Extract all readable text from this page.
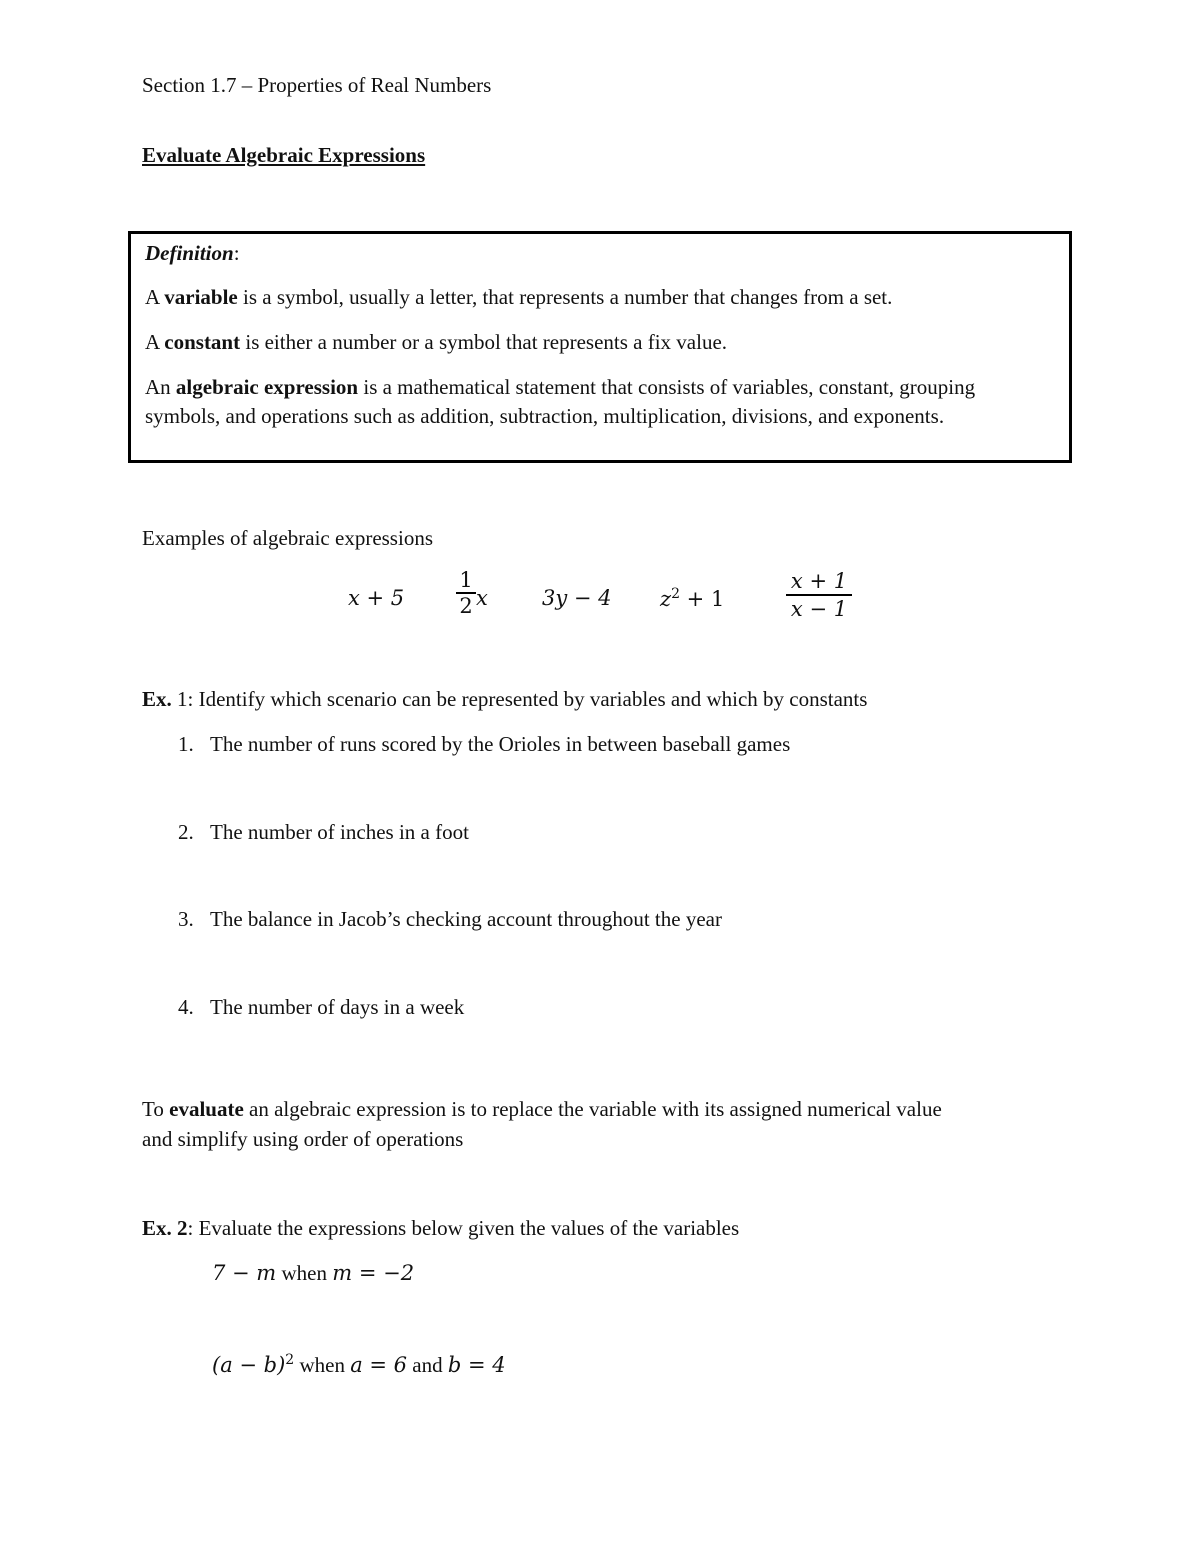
Section 1.7 – Properties of Real Numbers
Evaluate Algebraic Expressions
Definition:
A variable is a symbol, usually a letter, that represents a number that changes from a set.
A constant is either a number or a symbol that represents a fix value.
An algebraic expression is a mathematical statement that consists of variables, constant, grouping symbols, and operations such as addition, subtraction, multiplication, divisions, and exponents.
Examples of algebraic expressions
$x + 5 \frac{1}{2}$ x	3y − 4 $z^2 + 1$	$\frac{x + 1}{x - 1}$
Ex. 1: Identify which scenario can be represented by variables and which by constants
1. The number of runs scored by the Orioles in between baseball games
2. The number of inches in a foot
3. The balance in Jacob’s checking account throughout the year
4. The number of days in a week
To evaluate an algebraic expression is to replace the variable with its assigned numerical value
and simplify using order of operations
Ex. 2: Evaluate the expressions below given the values of the variables
7 − m when m = −2
$(a - b)^2$ when a = 6 and b = 4
